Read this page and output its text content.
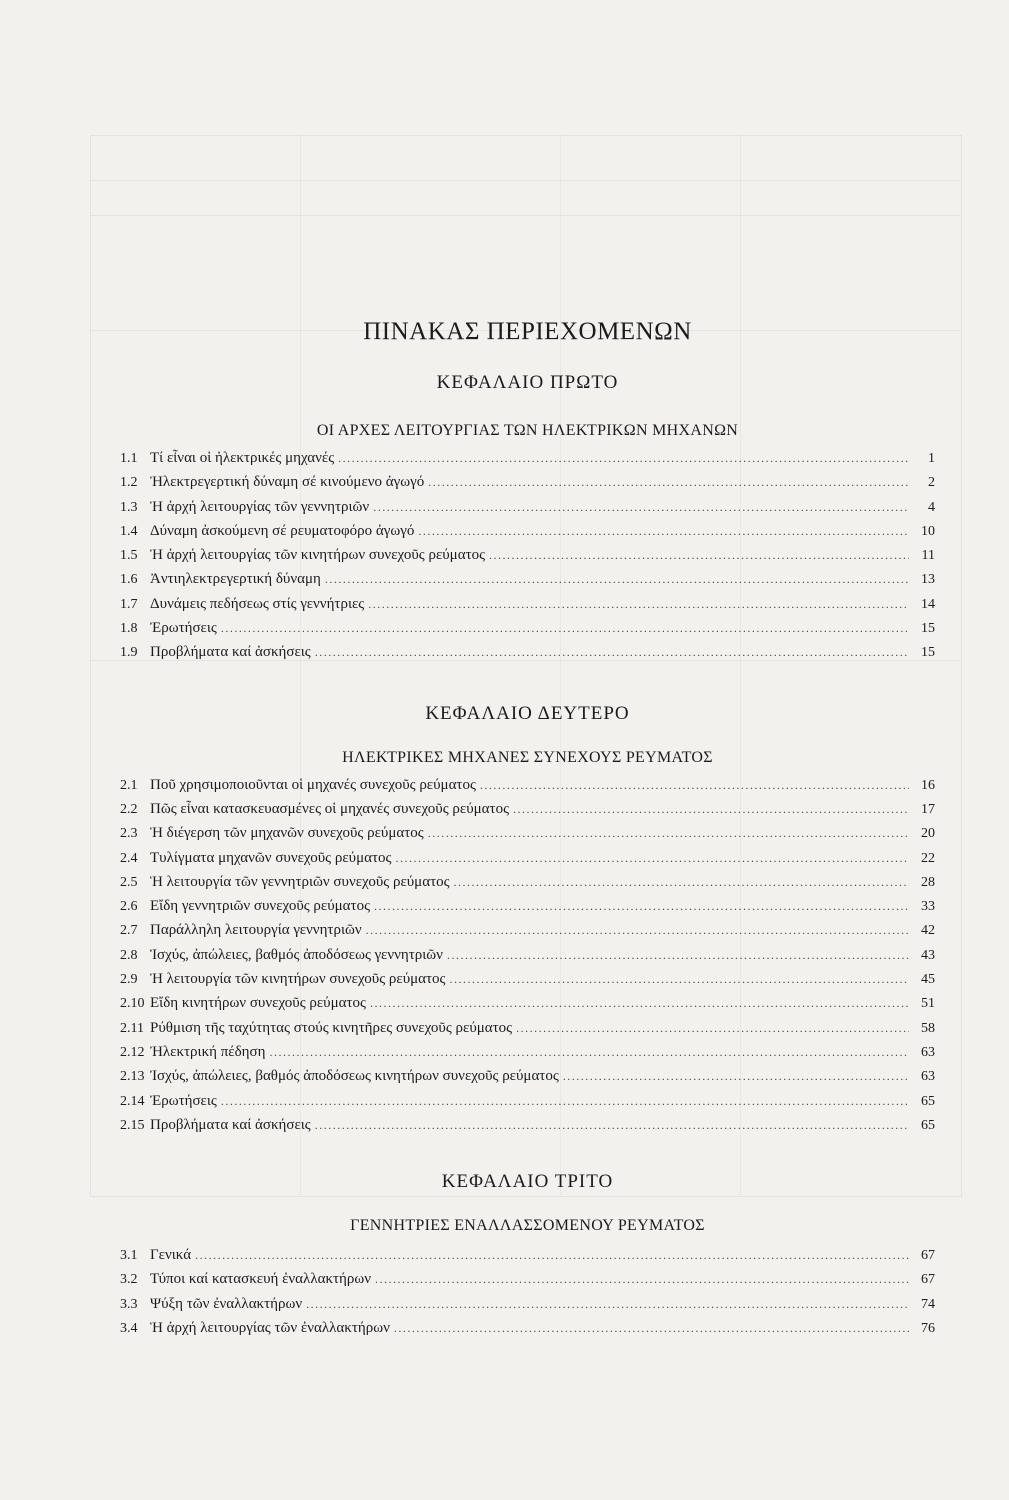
ΠΙΝΑΚΑΣ ΠΕΡΙΕΧΟΜΕΝΩΝ
ΚΕΦΑΛΑΙΟ ΠΡΩΤΟ
ΟΙ ΑΡΧΕΣ ΛΕΙΤΟΥΡΓΙΑΣ ΤΩΝ ΗΛΕΚΤΡΙΚΩΝ ΜΗΧΑΝΩΝ
1.1 Τί εἶναι οἱ ἠλεκτρικές μηχανές .....	1
1.2 Ἠλεκτρεγερτική δύναμη σέ κινούμενο ἀγωγό .....	2
1.3 Ἡ ἀρχή λειτουργίας τῶν γεννητριῶν .....	4
1.4 Δύναμη ἀσκούμενη σέ ρευματοφόρο ἀγωγό .....	10
1.5 Ἡ ἀρχή λειτουργίας τῶν κινητήρων συνεχοῦς ρεύματος .....	11
1.6 Ἀντιηλεκτρεγερτική δύναμη .....	13
1.7 Δυνάμεις πεδήσεως στίς γεννήτριες .....	14
1.8 Ἐρωτήσεις .....	15
1.9 Προβλήματα καί ἀσκήσεις .....	15
ΚΕΦΑΛΑΙΟ ΔΕΥΤΕΡΟ
ΗΛΕΚΤΡΙΚΕΣ ΜΗΧΑΝΕΣ ΣΥΝΕΧΟΥΣ ΡΕΥΜΑΤΟΣ
2.1 Ποῦ χρησιμοποιοῦνται οἱ μηχανές συνεχοῦς ρεύματος .....	16
2.2 Πῶς εἶναι κατασκευασμένες οἱ μηχανές συνεχοῦς ρεύματος .....	17
2.3 Ἡ διέγερση τῶν μηχανῶν συνεχοῦς ρεύματος .....	20
2.4 Τυλίγματα μηχανῶν συνεχοῦς ρεύματος .....	22
2.5 Ἡ λειτουργία τῶν γεννητριῶν συνεχοῦς ρεύματος .....	28
2.6 Εἴδη γεννητριῶν συνεχοῦς ρεύματος .....	33
2.7 Παράλληλη λειτουργία γεννητριῶν .....	42
2.8 Ἰσχύς, ἀπώλειες, βαθμός ἀποδόσεως γεννητριῶν .....	43
2.9 Ἡ λειτουργία τῶν κινητήρων συνεχοῦς ρεύματος .....	45
2.10 Εἴδη κινητήρων συνεχοῦς ρεύματος .....	51
2.11 Ρύθμιση τῆς ταχύτητας στούς κινητῆρες συνεχοῦς ρεύματος .....	58
2.12 Ἠλεκτρική πέδηση .....	63
2.13 Ἰσχύς, ἀπώλειες, βαθμός ἀποδόσεως κινητήρων συνεχοῦς ρεύματος .....	63
2.14 Ἐρωτήσεις .....	65
2.15 Προβλήματα καί ἀσκήσεις .....	65
ΚΕΦΑΛΑΙΟ ΤΡΙΤΟ
ΓΕΝΝΗΤΡΙΕΣ ΕΝΑΛΛΑΣΣΟΜΕΝΟΥ ΡΕΥΜΑΤΟΣ
3.1 Γενικά .....	67
3.2 Τύποι καί κατασκευή ἐναλλακτήρων .....	67
3.3 Ψύξη τῶν ἐναλλακτήρων .....	74
3.4 Ἡ ἀρχή λειτουργίας τῶν ἐναλλακτήρων .....	76
